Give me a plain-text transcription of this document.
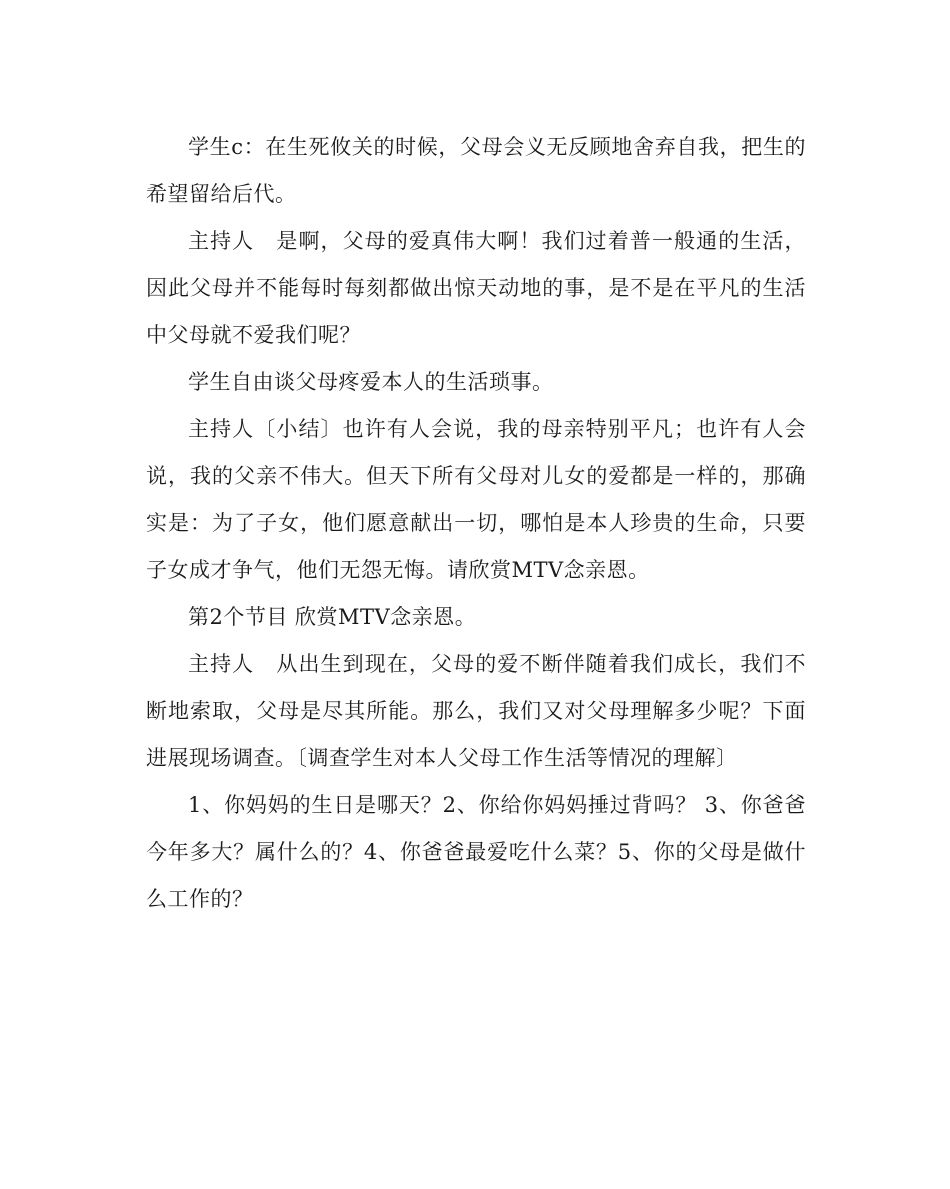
学生c：在生死攸关的时候，父母会义无反顾地舍弃自我，把生的希望留给后代。

主持人　是啊，父母的爱真伟大啊！我们过着普一般通的生活，因此父母并不能每时每刻都做出惊天动地的事，是不是在平凡的生活中父母就不爱我们呢？

学生自由谈父母疼爱本人的生活琐事。

主持人〔小结〕也许有人会说，我的母亲特别平凡；也许有人会说，我的父亲不伟大。但天下所有父母对儿女的爱都是一样的，那确实是：为了子女，他们愿意献出一切，哪怕是本人珍贵的生命，只要子女成才争气，他们无怨无悔。请欣赏MTV念亲恩。

第2个节目 欣赏MTV念亲恩。

主持人　从出生到现在，父母的爱不断伴随着我们成长，我们不断地索取，父母是尽其所能。那么，我们又对父母理解多少呢？下面进展现场调查。〔调查学生对本人父母工作生活等情况的理解〕

1、你妈妈的生日是哪天？2、你给你妈妈捶过背吗？ 3、你爸爸今年多大？属什么的？4、你爸爸最爱吃什么菜？5、你的父母是做什么工作的？
